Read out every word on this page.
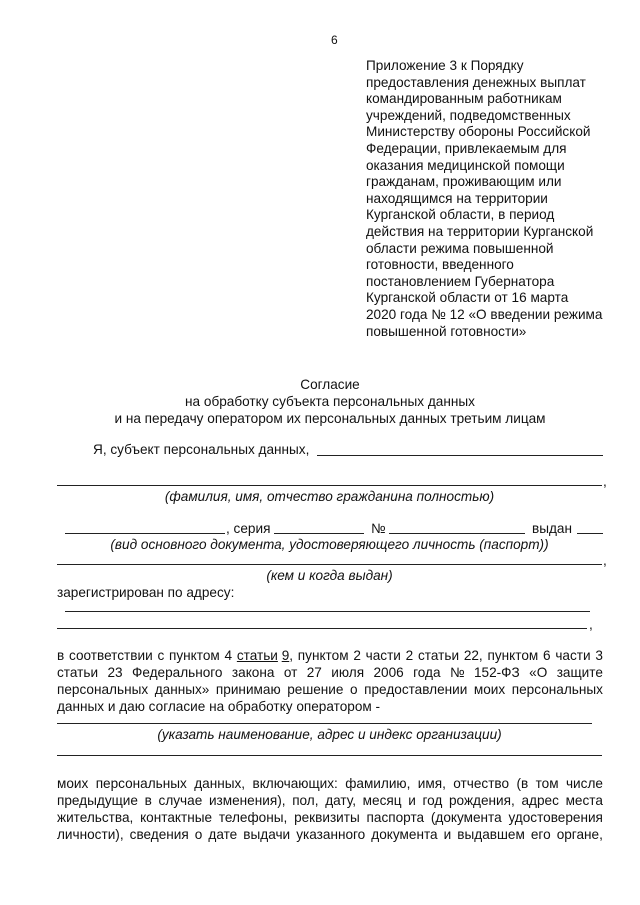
6
Приложение 3 к Порядку
предоставления денежных выплат
командированным работникам
учреждений, подведомственных
Министерству обороны Российской
Федерации, привлекаемым для
оказания медицинской помощи
гражданам, проживающим или
находящимся на территории
Курганской области, в период
действия на территории Курганской
области режима повышенной
готовности, введенного
постановлением Губернатора
Курганской области от 16 марта
2020 года № 12 «О введении режима
повышенной готовности»
Согласие
на обработку субъекта персональных данных
и на передачу оператором их персональных данных третьим лицам
Я, субъект персональных данных,
,
(фамилия, имя, отчество гражданина полностью)
, серия	№	выдан
(вид основного документа, удостоверяющего личность (паспорт))
,
(кем и когда выдан)
зарегистрирован по адресу:
,
в соответствии с пунктом 4 статьи 9, пунктом 2 части 2 статьи 22, пунктом 6 части 3
статьи 23 Федерального закона от 27 июля 2006 года № 152-ФЗ «О защите
персональных данных» принимаю решение о предоставлении моих персональных
данных и даю согласие на обработку оператором -
(указать наименование, адрес и индекс организации)
моих персональных данных, включающих: фамилию, имя, отчество (в том числе
предыдущие в случае изменения), пол, дату, месяц и год рождения, адрес места
жительства, контактные телефоны, реквизиты паспорта (документа удостоверения
личности), сведения о дате выдачи указанного документа и выдавшем его органе,
